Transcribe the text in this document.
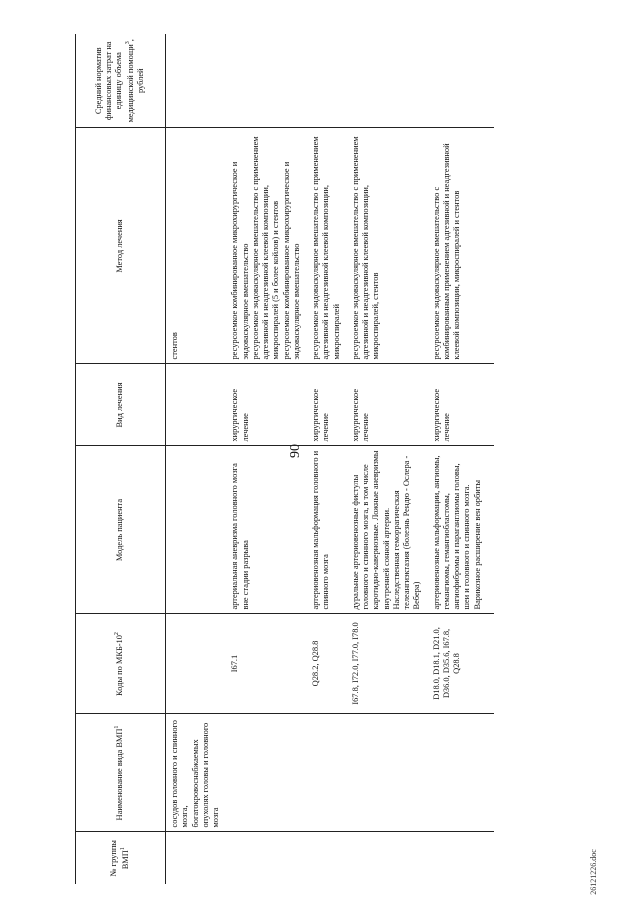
90
26121226.doc
№ группы ВМП$^1$	Наименование вида ВМП$^1$	Коды по МКБ-$10^2$	Модель пациента	Вид лечения	Метод лечения	Средний норматив финансовых затрат на единицу объема медицинской помощи$^3$, рублей
	сосудов головного и спинного мозга, богатокровоснабжаемых опухолях головы и головного мозга				стентов	
		I67.1	артериальная аневризма головного мозга вне стадии разрыва	хирургическое лечение	ресурсоемкое комбинированное микрохирургическое и эндоваскулярное вмешательство ресурсоемкое эндоваскулярное вмешательство с применением адгезивной и неадгезивной клеевой композиции, микроспиралей (5 и более койлов) и стентов ресурсоемкое комбинированное микрохирургическое и эндоваскулярное вмешательство	

		Q28.2, Q28.8	артериовенозная мальформация головного и спинного мозга	хирургическое лечение	ресурсоемкое эндоваскулярное вмешательство с применением адгезивной и неадгезивной клеевой композиции, микроспиралей	
		I67.8, I72.0, I77.0, I78.0	дуральные артериовенозные фистулы головного и спинного мозга, в том числе каротидно-кавернозные. Ложные аневризмы внутренней сонной артерии. Наследственная геморрагическая телеангиэктазия (болезнь Рендю - Ослера - Вебера)	хирургическое лечение	ресурсоемкое эндоваскулярное вмешательство с применением адгезивной и неадгезивной клеевой композиции, микроспиралей, стентов	
		D18.0, D18.1, D21.0, D36.0, D35.6, I67.8, Q28.8	артериовенозные мальформации, ангиомы, гемангиомы, гемангиобластомы, ангиофибромы и параганглиомы головы, шеи и головного и спинного мозга. Варикозное расширение вен орбиты	хирургическое лечение	ресурсоемкое эндоваскулярное вмешательство с комбинированным применением адгезивной и неадгезивной клеевой композиции, микроспиралей и стентов	
